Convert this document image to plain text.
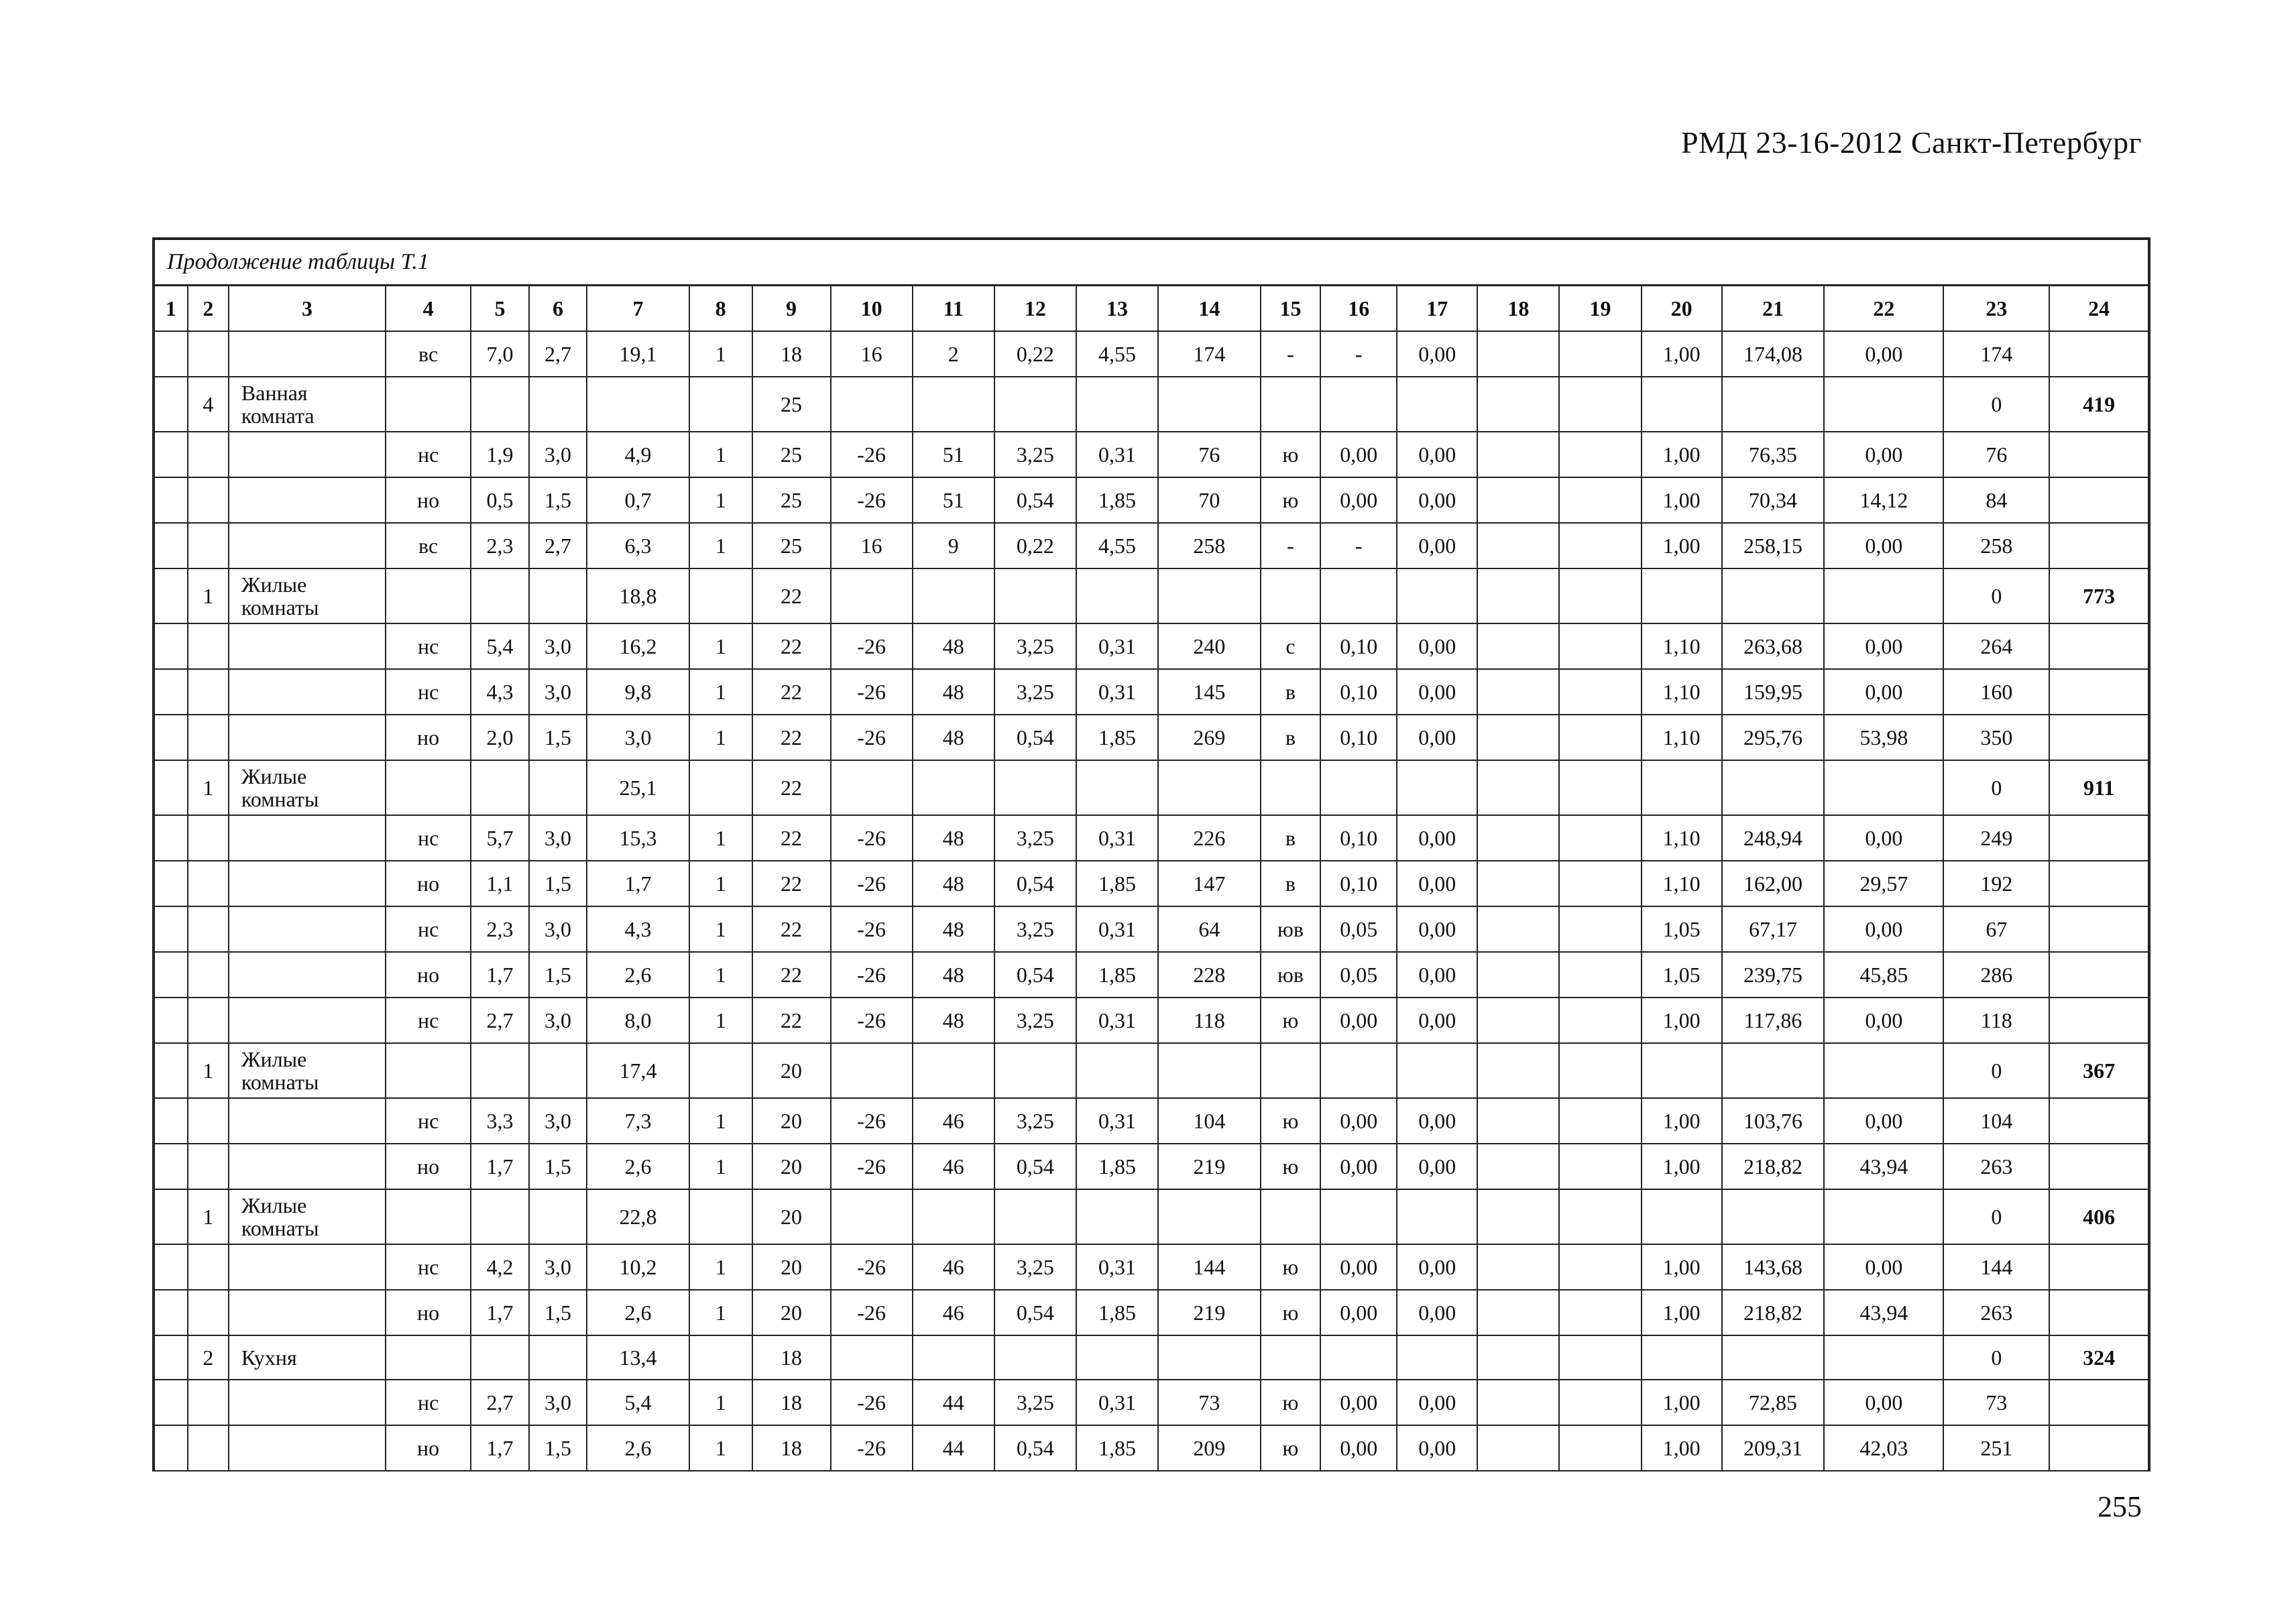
РМД 23-16-2012 Санкт-Петербург
Продолжение таблицы Т.1
1	2	3	4	5	6	7	8	9	10	11	12	13	14	15	16	17	18	19	20	21	22	23	24
			вс	7,0	2,7	19,1	1	18	16	2	0,22	4,55	174	-	-	0,00			1,00	174,08	0,00	174	
	4	Ванная комната						25														0	419
			нс	1,9	3,0	4,9	1	25	-26	51	3,25	0,31	76	ю	0,00	0,00			1,00	76,35	0,00	76	
			но	0,5	1,5	0,7	1	25	-26	51	0,54	1,85	70	ю	0,00	0,00			1,00	70,34	14,12	84	
			вс	2,3	2,7	6,3	1	25	16	9	0,22	4,55	258	-	-	0,00			1,00	258,15	0,00	258	
	1	Жилые комнаты				18,8		22														0	773
			нс	5,4	3,0	16,2	1	22	-26	48	3,25	0,31	240	с	0,10	0,00			1,10	263,68	0,00	264	
			нс	4,3	3,0	9,8	1	22	-26	48	3,25	0,31	145	в	0,10	0,00			1,10	159,95	0,00	160	
			но	2,0	1,5	3,0	1	22	-26	48	0,54	1,85	269	в	0,10	0,00			1,10	295,76	53,98	350	
	1	Жилые комнаты				25,1		22														0	911
			нс	5,7	3,0	15,3	1	22	-26	48	3,25	0,31	226	в	0,10	0,00			1,10	248,94	0,00	249	
			но	1,1	1,5	1,7	1	22	-26	48	0,54	1,85	147	в	0,10	0,00			1,10	162,00	29,57	192	
			нс	2,3	3,0	4,3	1	22	-26	48	3,25	0,31	64	юв	0,05	0,00			1,05	67,17	0,00	67	
			но	1,7	1,5	2,6	1	22	-26	48	0,54	1,85	228	юв	0,05	0,00			1,05	239,75	45,85	286	
			нс	2,7	3,0	8,0	1	22	-26	48	3,25	0,31	118	ю	0,00	0,00			1,00	117,86	0,00	118	
	1	Жилые комнаты				17,4		20														0	367
			нс	3,3	3,0	7,3	1	20	-26	46	3,25	0,31	104	ю	0,00	0,00			1,00	103,76	0,00	104	
			но	1,7	1,5	2,6	1	20	-26	46	0,54	1,85	219	ю	0,00	0,00			1,00	218,82	43,94	263	
	1	Жилые комнаты				22,8		20														0	406
			нс	4,2	3,0	10,2	1	20	-26	46	3,25	0,31	144	ю	0,00	0,00			1,00	143,68	0,00	144	
			но	1,7	1,5	2,6	1	20	-26	46	0,54	1,85	219	ю	0,00	0,00			1,00	218,82	43,94	263	
	2	Кухня				13,4		18														0	324
			нс	2,7	3,0	5,4	1	18	-26	44	3,25	0,31	73	ю	0,00	0,00			1,00	72,85	0,00	73	
			но	1,7	1,5	2,6	1	18	-26	44	0,54	1,85	209	ю	0,00	0,00			1,00	209,31	42,03	251	
255
